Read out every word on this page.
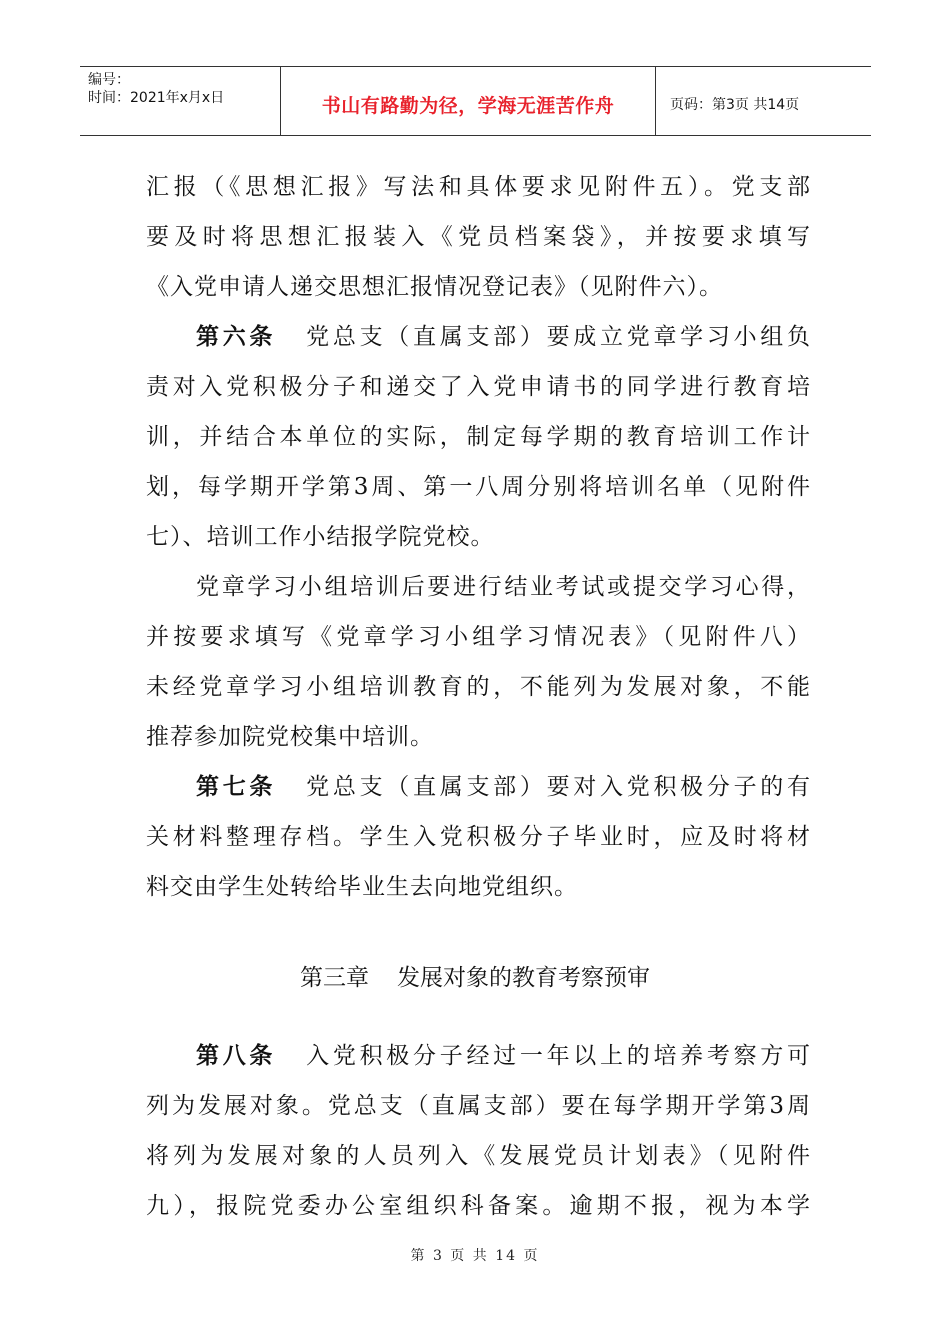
编号：
时间：2021年x月x日	书山有路勤为径，学海无涯苦作舟	页码：第3页 共14页
汇报（《思想汇报》写法和具体要求见附件五）。党支部
要及时将思想汇报装入《党员档案袋》，并按要求填写
《入党申请人递交思想汇报情况登记表》（见附件六）。
第六条 党总支（直属支部）要成立党章学习小组负
责对入党积极分子和递交了入党申请书的同学进行教育培
训，并结合本单位的实际，制定每学期的教育培训工作计
划，每学期开学第3周、第一八周分别将培训名单（见附件
七）、培训工作小结报学院党校。
党章学习小组培训后要进行结业考试或提交学习心得，
并按要求填写《党章学习小组学习情况表》（见附件八）
未经党章学习小组培训教育的，不能列为发展对象，不能
推荐参加院党校集中培训。
第七条 党总支（直属支部）要对入党积极分子的有
关材料整理存档。学生入党积极分子毕业时，应及时将材
料交由学生处转给毕业生去向地党组织。
第三章 发展对象的教育考察预审
第八条 入党积极分子经过一年以上的培养考察方可
列为发展对象。党总支（直属支部）要在每学期开学第3周
将列为发展对象的人员列入《发展党员计划表》（见附件
九），报院党委办公室组织科备案。逾期不报，视为本学
第 3 页 共 14 页
